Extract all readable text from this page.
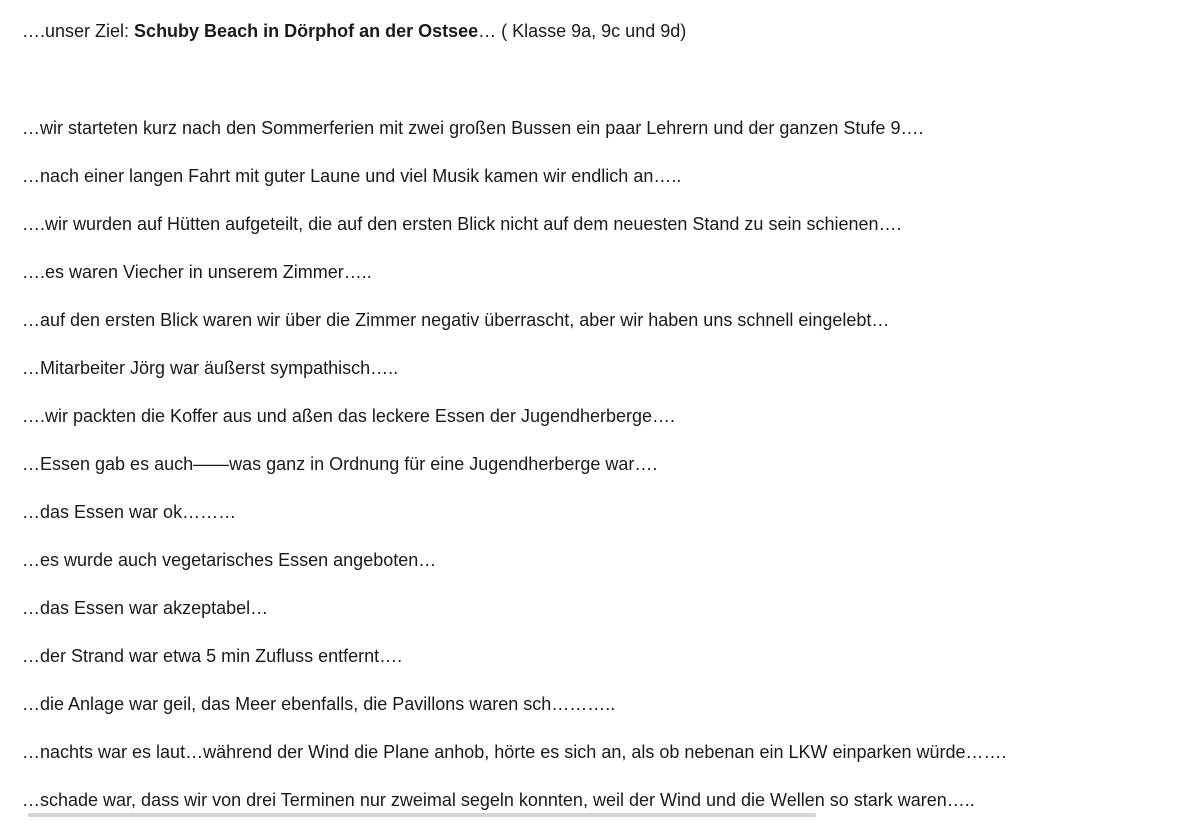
….unser Ziel: Schuby Beach in Dörphof an der Ostsee… ( Klasse 9a, 9c und 9d)
…wir starteten kurz nach den Sommerferien mit zwei großen Bussen ein paar Lehrern und der ganzen Stufe 9….
…nach einer langen Fahrt mit guter Laune und viel Musik kamen wir endlich an…..
….wir wurden auf Hütten aufgeteilt, die auf den ersten Blick nicht auf dem neuesten Stand zu sein schienen….
….es waren Viecher in unserem Zimmer…..
…auf den ersten Blick waren wir über die Zimmer negativ überrascht, aber wir haben uns schnell eingelebt…
…Mitarbeiter Jörg war äußerst sympathisch…..
….wir packten die Koffer aus und aßen das leckere Essen der Jugendherberge….
…Essen gab es auch——was ganz in Ordnung für eine Jugendherberge war….
…das Essen war ok………
…es wurde auch vegetarisches Essen angeboten…
…das Essen war akzeptabel…
…der Strand war etwa 5 min Zufluss entfernt….
…die Anlage war geil, das Meer ebenfalls, die Pavillons waren sch………..
…nachts war es laut…während der Wind die Plane anhob, hörte es sich an, als ob nebenan ein LKW einparken würde…….
…schade war, dass wir von drei Terminen nur zweimal segeln konnten, weil der Wind und die Wellen so stark waren…..
